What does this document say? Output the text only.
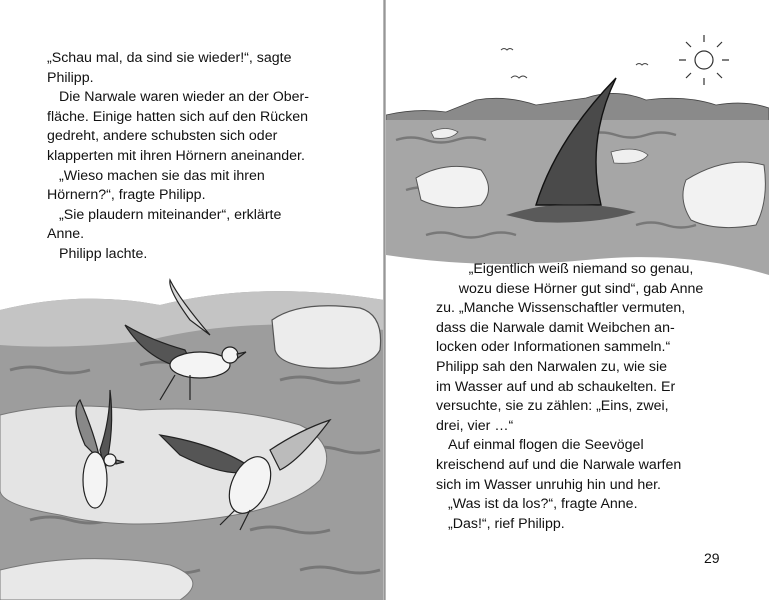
„Schau mal, da sind sie wieder!“, sagte

Philipp.

Die Narwale waren wieder an der Ober-

fläche. Einige hatten sich auf den Rücken

gedreht, andere schubsten sich oder

klapperten mit ihren Hörnern aneinander.

„Wieso machen sie das mit ihren

Hörnern?“, fragte Philipp.

„Sie plaudern miteinander“, erklärte

Anne.

Philipp lachte.

„Eigentlich weiß niemand so genau,

wozu diese Hörner gut sind“, gab Anne

zu. „Manche Wissenschaftler vermuten,

dass die Narwale damit Weibchen an-

locken oder Informationen sammeln.“

Philipp sah den Narwalen zu, wie sie

im Wasser auf und ab schaukelten. Er

versuchte, sie zu zählen: „Eins, zwei,

drei, vier …“

Auf einmal flogen die Seevögel

kreischend auf und die Narwale warfen

sich im Wasser unruhig hin und her.

„Was ist da los?“, fragte Anne.

„Das!“, rief Philipp.

29
